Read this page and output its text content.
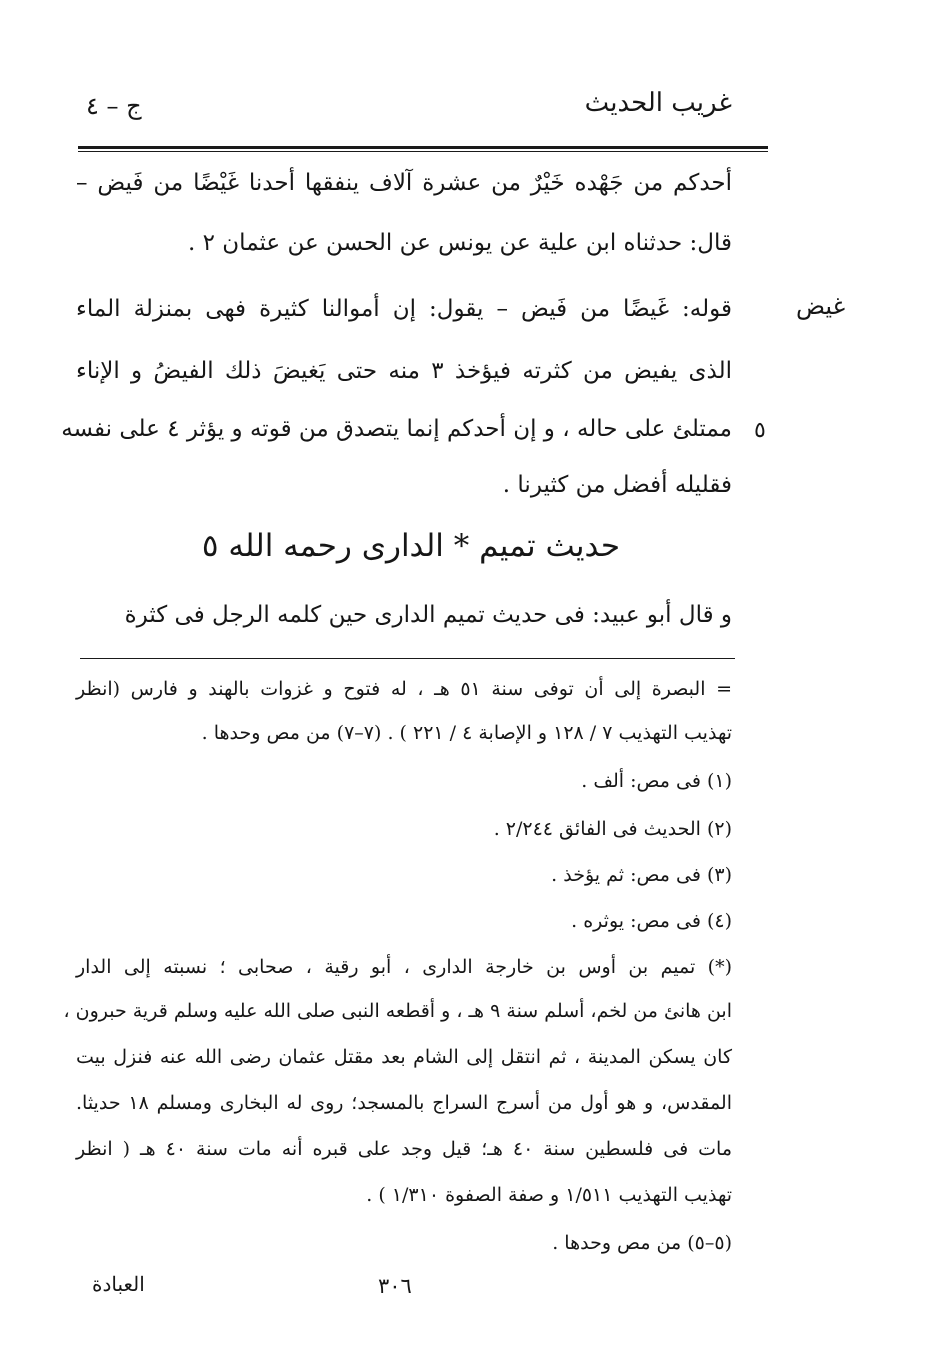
غريب الحديث
ج – ٤
أحدكم من جَهْده خَيْرٌ من عشرة آلاف ينفقها أحدنا غَيْضًا من فَيض –
قال: حدثناه ابن علية عن يونس عن الحسن عن عثمان ٢ .
قوله: غَيضًا من فَيض – يقول: إن أموالنا كثيرة فهى بمنزلة الماء
الذى يفيض من كثرته فيؤخذ ٣ منه حتى يَغيضَ ذلك الفيضُ و الإناء
ممتلئ على حاله ، و إن أحدكم إنما يتصدق من قوته و يؤثر ٤ على نفسه
فقليله أفضل من كثيرنا .
غيض
٥
حديث تميم * الدارى رحمه الله ٥
و قال أبو عبيد: فى حديث تميم الدارى حين كلمه الرجل فى كثرة
= البصرة إلى أن توفى سنة ٥١ هـ ، له فتوح و غزوات بالهند و فارس (انظر
تهذيب التهذيب ٧ / ١٢٨ و الإصابة ٤ / ٢٢١ ) . (٧–٧) من مص وحدها .
(١) فى مص: ألف .
(٢) الحديث فى الفائق ٢/٢٤٤ .
(٣) فى مص: ثم يؤخذ .
(٤) فى مص: يوثره .
(*) تميم بن أوس بن خارجة الدارى ، أبو رقية ، صحابى ؛ نسبته إلى الدار
ابن هانئ من لخم، أسلم سنة ٩ هـ ، و أقطعه النبى صلى الله عليه وسلم قرية حبرون ،
كان يسكن المدينة ، ثم انتقل إلى الشام بعد مقتل عثمان رضى الله عنه فنزل بيت
المقدس، و هو أول من أسرج السراج بالمسجد؛ روى له البخارى ومسلم ١٨ حديثا.
مات فى فلسطين سنة ٤٠ هـ؛ قيل وجد على قبره أنه مات سنة ٤٠ هـ ( انظر
تهذيب التهذيب ١/٥١١ و صفة الصفوة ١/٣١٠ ) .
(٥–٥) من مص وحدها .
العبادة	٣٠٦
